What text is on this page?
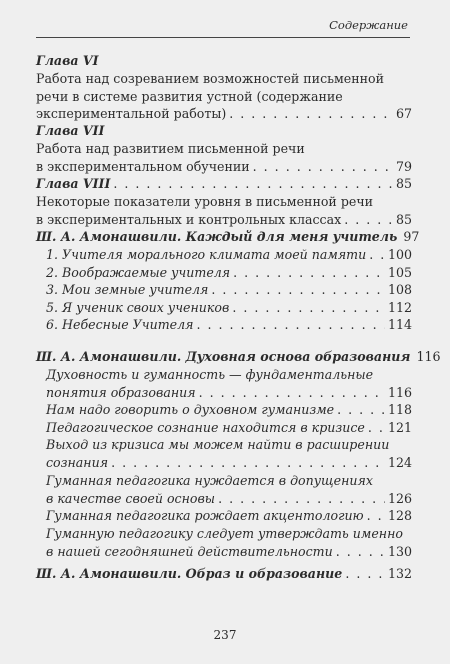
Содержание
Глава VI
Работа над созреванием возможностей письменной
речи в системе развития устной (содержание
экспериментальной работы) . . .	67
Глава VII
Работа над развитием письменной речи
в экспериментальном обучении . . .	79
Глава VIII . . .	85
Некоторые показатели уровня в письменной речи
в экспериментальных и контрольных классах . . .	85
Ш. А. Амонашвили. Каждый для меня учитель 97
1. Учителя морального климата моей памяти . . . 100
2. Воображаемые учителя . . .	105
3. Мои земные учителя . . .	108
5. Я ученик своих учеников . . .	112
6. Небесные Учителя . . .	114
Ш. А. Амонашвили. Духовная основа образования 116
Духовность и гуманность — фундаментальные
понятия образования . . .	116
Нам надо говорить о духовном гуманизме . . .	118
Педагогическое сознание находится в кризисе . . . 121
Выход из кризиса мы можем найти в расширении
сознания . . .	124
Гуманная педагогика нуждается в допущениях
в качестве своей основы . . .	126
Гуманная педагогика рождает акцентологию . . . 128
Гуманную педагогику следует утверждать именно
в нашей сегодняшней действительности . . .	130
Ш. А. Амонашвили. Образ и образование . . .	132
237
